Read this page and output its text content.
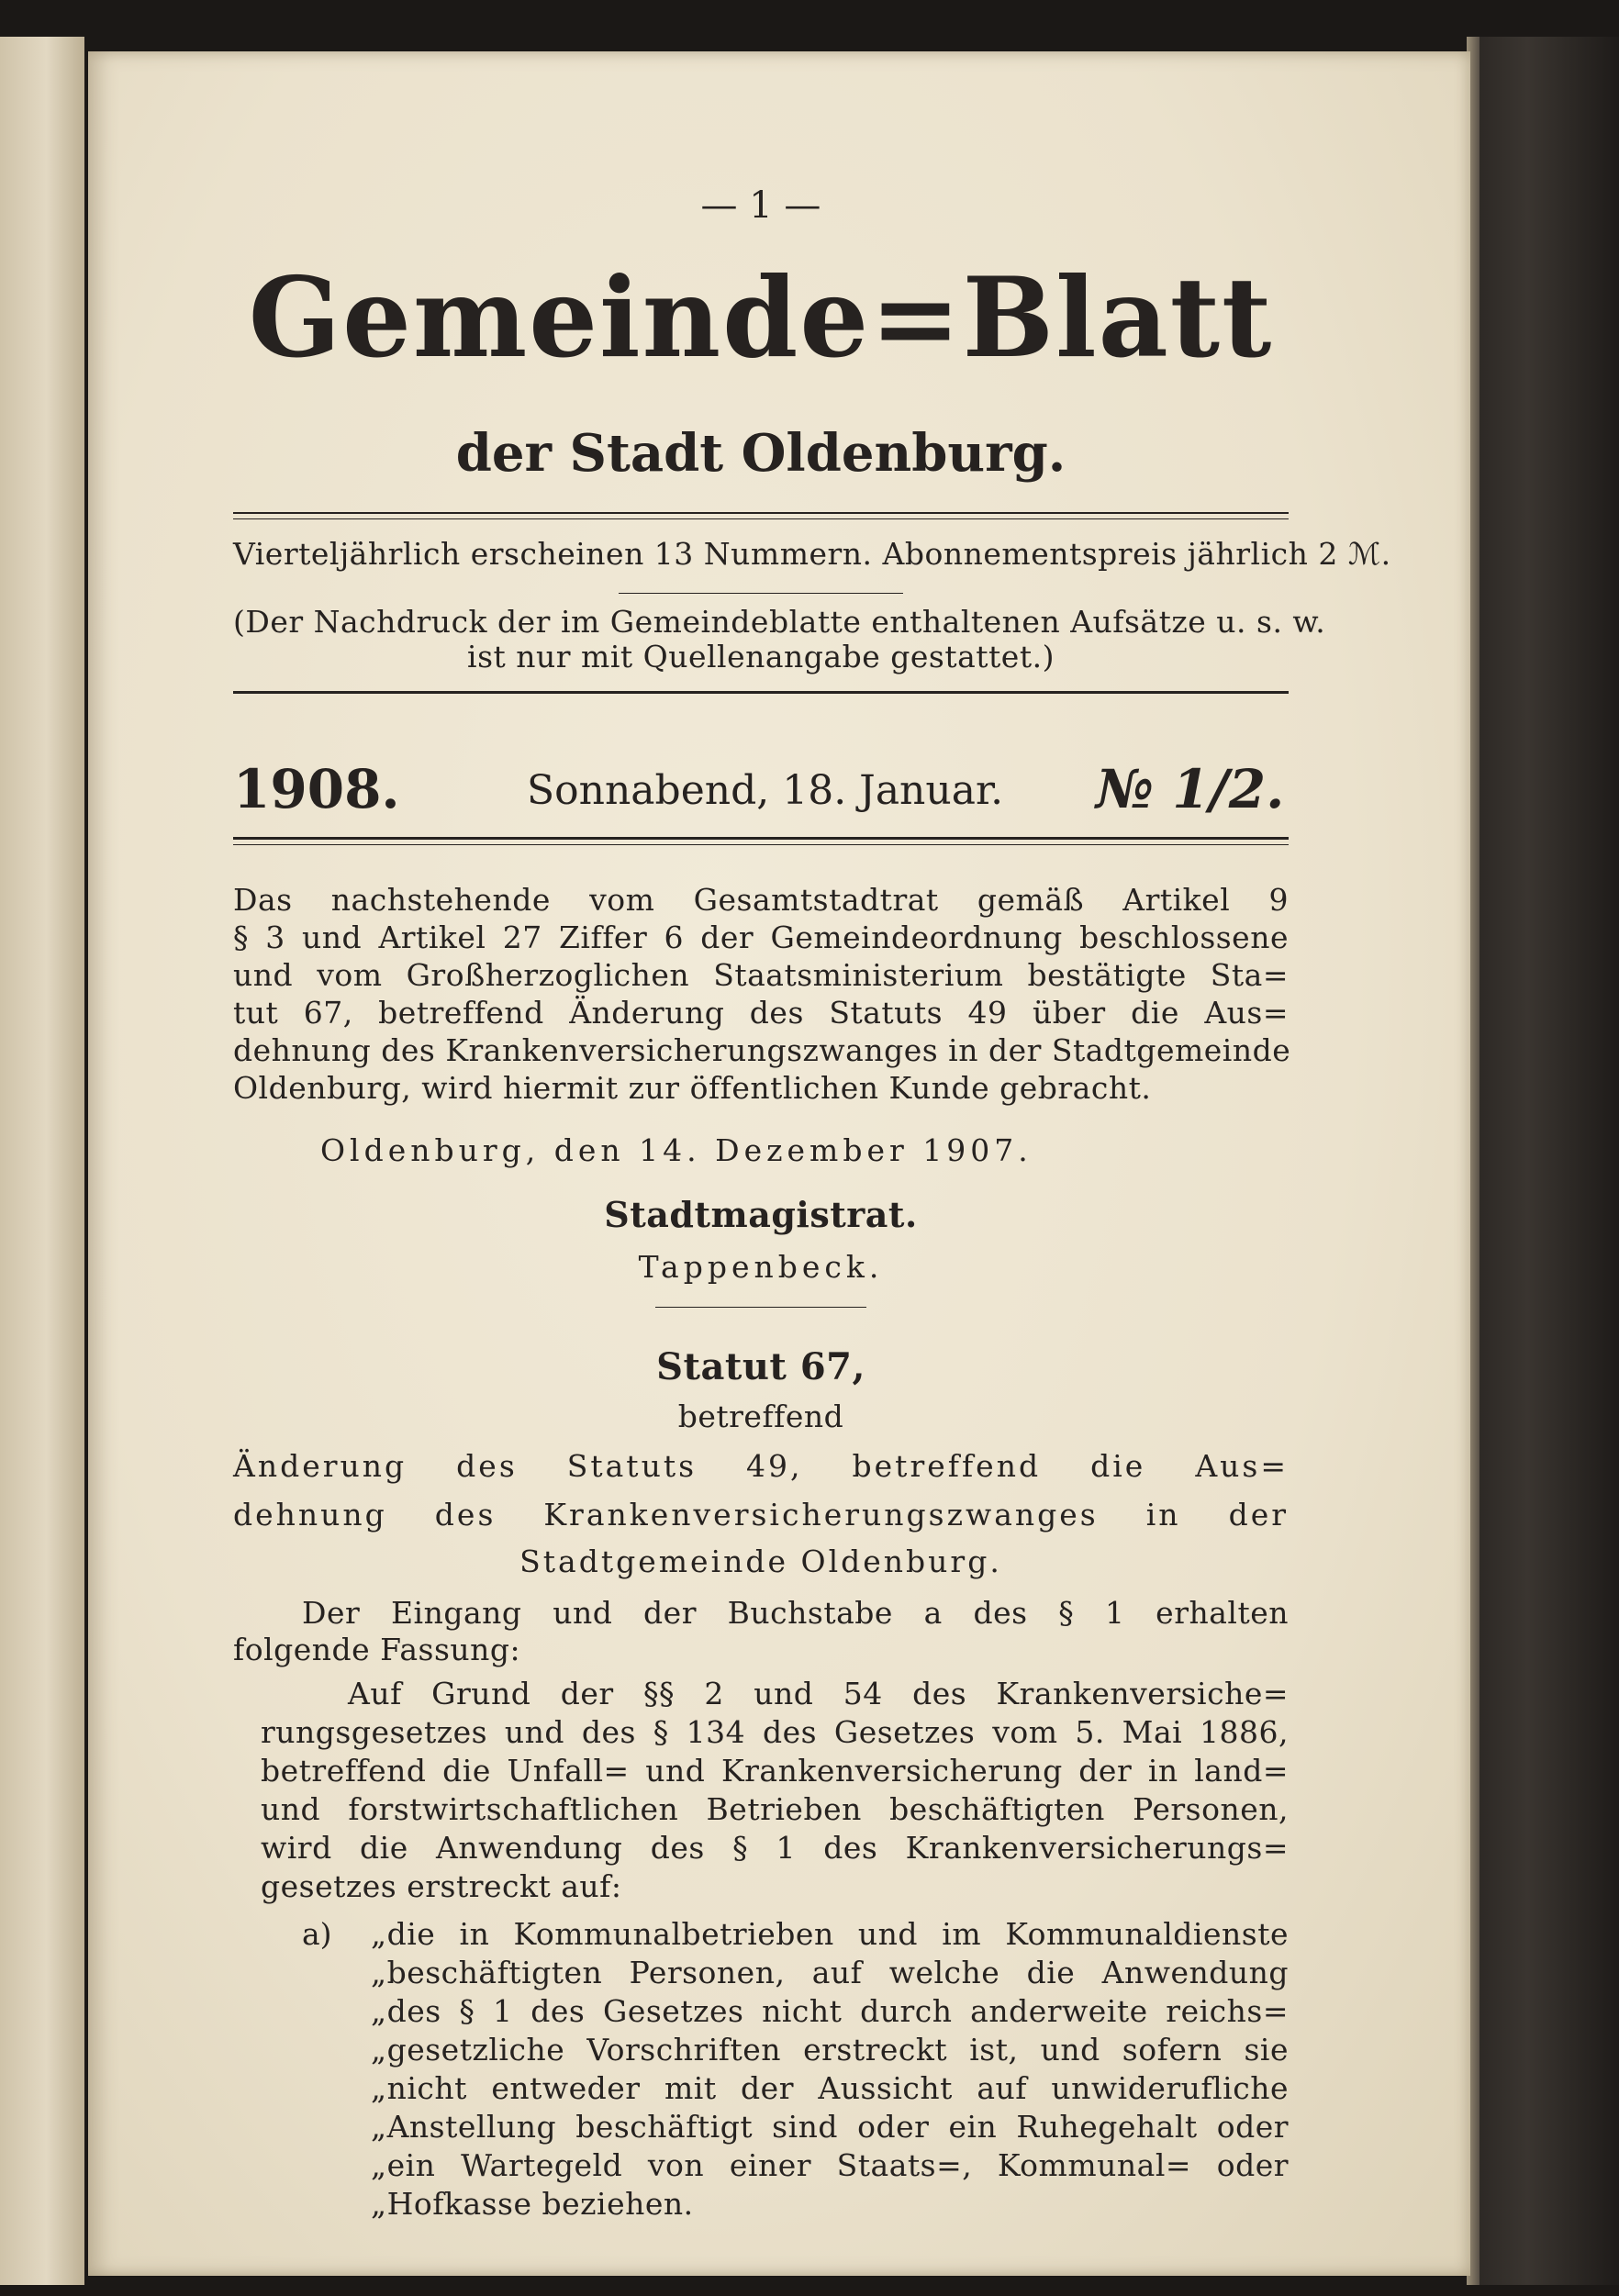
— 1 —
Gemeinde=Blatt
der Stadt Oldenburg.
Vierteljährlich erscheinen 13 Nummern. Abonnementspreis jährlich 2 ℳ.
(Der Nachdruck der im Gemeindeblatte enthaltenen Aufsätze u. s. w.
ist nur mit Quellenangabe gestattet.)
1908.	Sonnabend, 18. Januar. № 1/2.
Das nachstehende vom Gesamtstadtrat gemäß Artikel 9
§ 3 und Artikel 27 Ziffer 6 der Gemeindeordnung beschlossene
und vom Großherzoglichen Staatsministerium bestätigte Sta=
tut 67, betreffend Änderung des Statuts 49 über die Aus=
dehnung des Krankenversicherungszwanges in der Stadtgemeinde
Oldenburg, wird hiermit zur öffentlichen Kunde gebracht.
Oldenburg, den 14. Dezember 1907.
Stadtmagistrat.
Tappenbeck.
Statut 67,
betreffend
Änderung des Statuts 49, betreffend die Aus=
dehnung des Krankenversicherungszwanges in der
Stadtgemeinde Oldenburg.
Der Eingang und der Buchstabe a des § 1 erhalten
folgende Fassung:
Auf Grund der §§ 2 und 54 des Krankenversiche=
rungsgesetzes und des § 134 des Gesetzes vom 5. Mai 1886,
betreffend die Unfall= und Krankenversicherung der in land=
und forstwirtschaftlichen Betrieben beschäftigten Personen,
wird die Anwendung des § 1 des Krankenversicherungs=
gesetzes erstreckt auf:
a)	„die in Kommunalbetrieben und im Kommunaldienste
„beschäftigten Personen, auf welche die Anwendung
„des § 1 des Gesetzes nicht durch anderweite reichs=
„gesetzliche Vorschriften erstreckt ist, und sofern sie
„nicht entweder mit der Aussicht auf unwiderufliche
„Anstellung beschäftigt sind oder ein Ruhegehalt oder
„ein Wartegeld von einer Staats=, Kommunal= oder
„Hofkasse beziehen.
